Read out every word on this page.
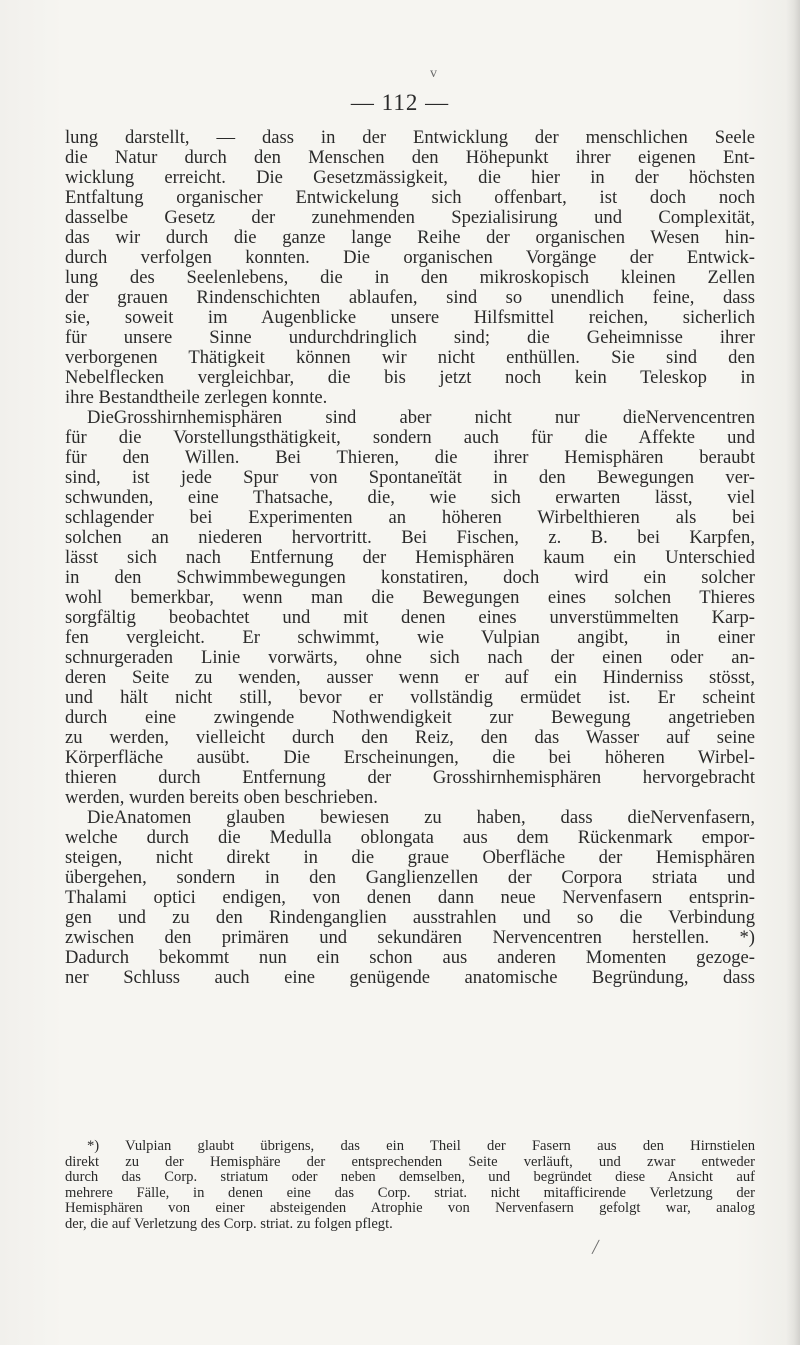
v
— 112 —
lung darstellt, — dass in der Entwicklung der menschlichen Seele
die Natur durch den Menschen den Höhepunkt ihrer eigenen Ent-
wicklung erreicht. Die Gesetzmässigkeit, die hier in der höchsten
Entfaltung organischer Entwickelung sich offenbart, ist doch noch
dasselbe Gesetz der zunehmenden Spezialisirung und Complexität,
das wir durch die ganze lange Reihe der organischen Wesen hin-
durch verfolgen konnten. Die organischen Vorgänge der Entwick-
lung des Seelenlebens, die in den mikroskopisch kleinen Zellen
der grauen Rindenschichten ablaufen, sind so unendlich feine, dass
sie, soweit im Augenblicke unsere Hilfsmittel reichen, sicherlich
für unsere Sinne undurchdringlich sind; die Geheimnisse ihrer
verborgenen Thätigkeit können wir nicht enthüllen. Sie sind den
Nebelflecken vergleichbar, die bis jetzt noch kein Teleskop in
ihre Bestandtheile zerlegen konnte.
DieGrosshirnhemisphären sind aber nicht nur dieNervencentren
für die Vorstellungsthätigkeit, sondern auch für die Affekte und
für den Willen. Bei Thieren, die ihrer Hemisphären beraubt
sind, ist jede Spur von Spontaneïtät in den Bewegungen ver-
schwunden, eine Thatsache, die, wie sich erwarten lässt, viel
schlagender bei Experimenten an höheren Wirbelthieren als bei
solchen an niederen hervortritt. Bei Fischen, z. B. bei Karpfen,
lässt sich nach Entfernung der Hemisphären kaum ein Unterschied
in den Schwimmbewegungen konstatiren, doch wird ein solcher
wohl bemerkbar, wenn man die Bewegungen eines solchen Thieres
sorgfältig beobachtet und mit denen eines unverstümmelten Karp-
fen vergleicht. Er schwimmt, wie Vulpian angibt, in einer
schnurgeraden Linie vorwärts, ohne sich nach der einen oder an-
deren Seite zu wenden, ausser wenn er auf ein Hinderniss stösst,
und hält nicht still, bevor er vollständig ermüdet ist. Er scheint
durch eine zwingende Nothwendigkeit zur Bewegung angetrieben
zu werden, vielleicht durch den Reiz, den das Wasser auf seine
Körperfläche ausübt. Die Erscheinungen, die bei höheren Wirbel-
thieren durch Entfernung der Grosshirnhemisphären hervorgebracht
werden, wurden bereits oben beschrieben.
DieAnatomen glauben bewiesen zu haben, dass dieNervenfasern,
welche durch die Medulla oblongata aus dem Rückenmark empor-
steigen, nicht direkt in die graue Oberfläche der Hemisphären
übergehen, sondern in den Ganglienzellen der Corpora striata und
Thalami optici endigen, von denen dann neue Nervenfasern entsprin-
gen und zu den Rindenganglien ausstrahlen und so die Verbindung
zwischen den primären und sekundären Nervencentren herstellen. *)
Dadurch bekommt nun ein schon aus anderen Momenten gezoge-
ner Schluss auch eine genügende anatomische Begründung, dass
*) Vulpian glaubt übrigens, das ein Theil der Fasern aus den Hirnstielen
direkt zu der Hemisphäre der entsprechenden Seite verläuft, und zwar entweder
durch das Corp. striatum oder neben demselben, und begründet diese Ansicht auf
mehrere Fälle, in denen eine das Corp. striat. nicht mitafficirende Verletzung der
Hemisphären von einer absteigenden Atrophie von Nervenfasern gefolgt war, analog
der, die auf Verletzung des Corp. striat. zu folgen pflegt.
╱
